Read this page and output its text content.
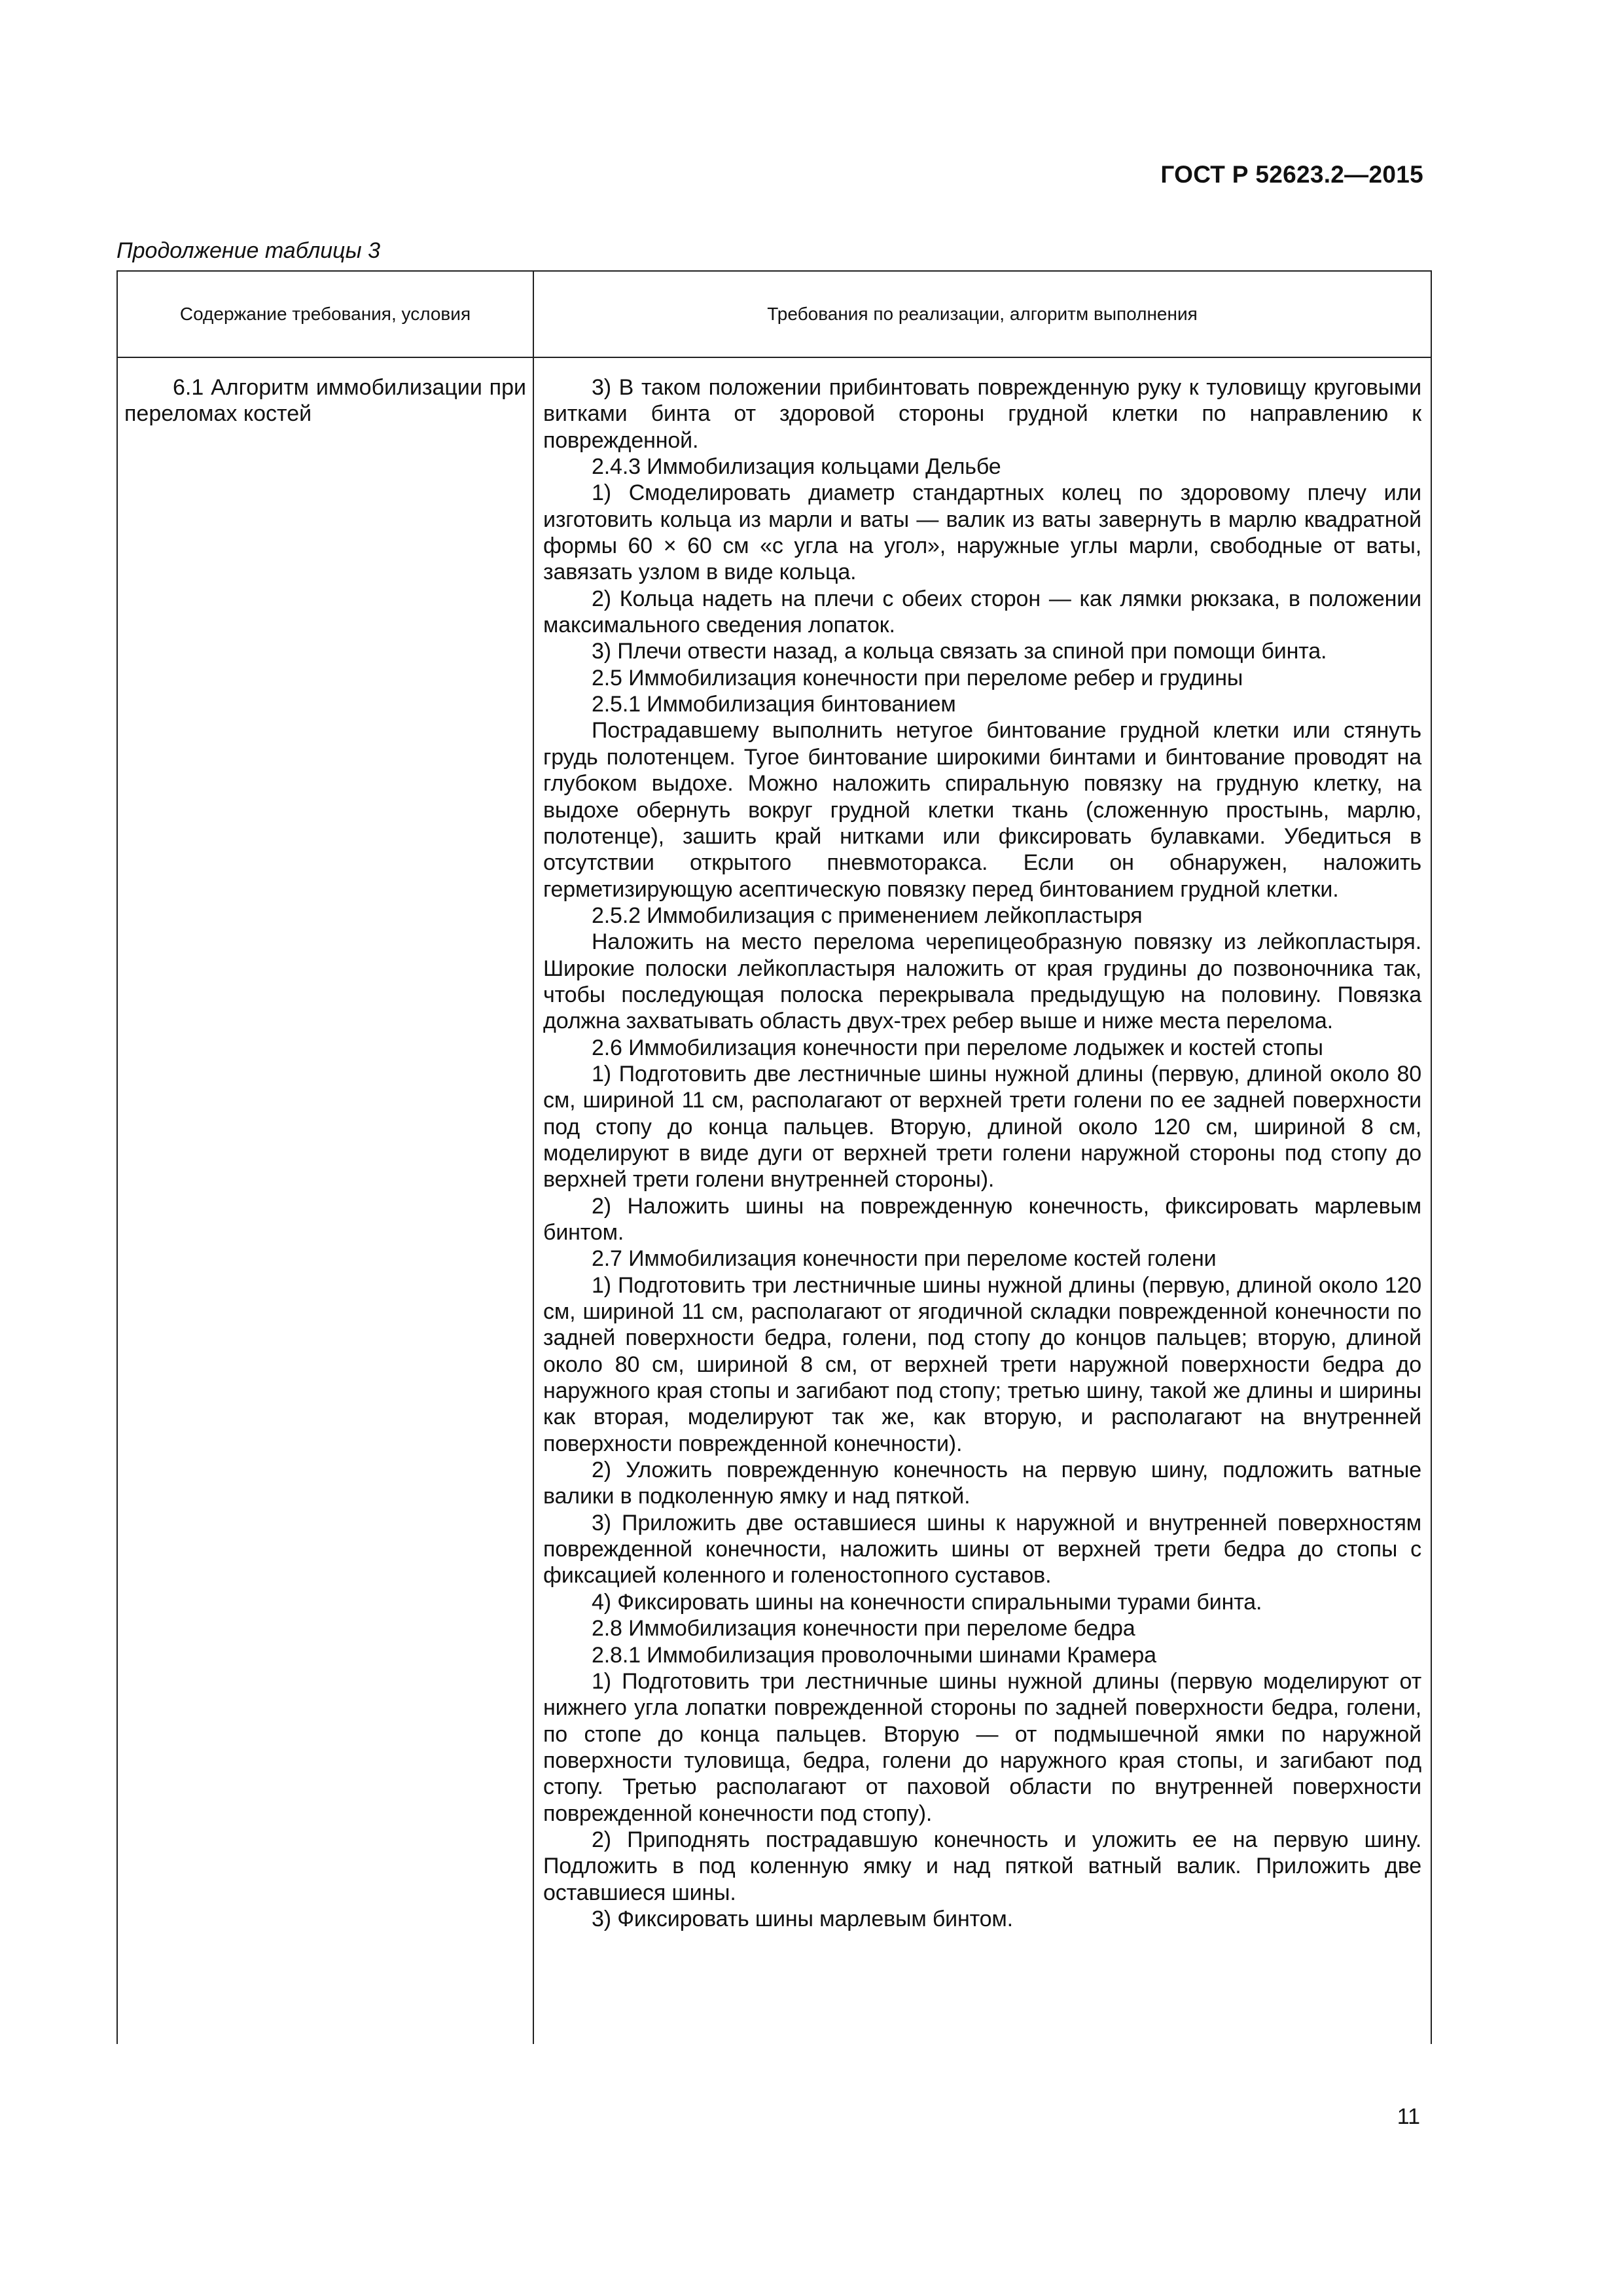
ГОСТ Р 52623.2—2015
Продолжение таблицы 3
Содержание требования, условия	Требования по реализации, алгоритм выполнения
6.1 Алгоритм иммобилизации при переломах костей

3) В таком положении прибинтовать поврежденную руку к туловищу круговыми витками бинта от здоровой стороны грудной клетки по направлению к поврежденной.

2.4.3 Иммобилизация кольцами Дельбе

1) Смоделировать диаметр стандартных колец по здоровому плечу или изготовить кольца из марли и ваты — валик из ваты завернуть в марлю квадратной формы 60 × 60 см «с угла на угол», наружные углы марли, свободные от ваты, завязать узлом в виде кольца.

2) Кольца надеть на плечи с обеих сторон — как лямки рюкзака, в положении максимального сведения лопаток.

3) Плечи отвести назад, а кольца связать за спиной при помощи бинта.

2.5 Иммобилизация конечности при переломе ребер и грудины

2.5.1 Иммобилизация бинтованием

Пострадавшему выполнить нетугое бинтование грудной клетки или стянуть грудь полотенцем. Тугое бинтование широкими бинтами и бинтование проводят на глубоком выдохе. Можно наложить спиральную повязку на грудную клетку, на выдохе обернуть вокруг грудной клетки ткань (сложенную простынь, марлю, полотенце), зашить край нитками или фиксировать булавками. Убедиться в отсутствии открытого пневмоторакса. Если он обнаружен, наложить герметизирующую асептическую повязку перед бинтованием грудной клетки.

2.5.2 Иммобилизация с применением лейкопластыря

Наложить на место перелома черепицеобразную повязку из лейкопластыря. Широкие полоски лейкопластыря наложить от края грудины до позвоночника так, чтобы последующая полоска перекрывала предыдущую на половину. Повязка должна захватывать область двух-трех ребер выше и ниже места перелома.

2.6 Иммобилизация конечности при переломе лодыжек и костей стопы

1) Подготовить две лестничные шины нужной длины (первую, длиной около 80 см, шириной 11 см, располагают от верхней трети голени по ее задней поверхности под стопу до конца пальцев. Вторую, длиной около 120 см, шириной 8 см, моделируют в виде дуги от верхней трети голени наружной стороны под стопу до верхней трети голени внутренней стороны).

2) Наложить шины на поврежденную конечность, фиксировать марлевым бинтом.

2.7 Иммобилизация конечности при переломе костей голени

1) Подготовить три лестничные шины нужной длины (первую, длиной около 120 см, шириной 11 см, располагают от ягодичной складки поврежденной конечности по задней поверхности бедра, голени, под стопу до концов пальцев; вторую, длиной около 80 см, шириной 8 см, от верхней трети наружной поверхности бедра до наружного края стопы и загибают под стопу; третью шину, такой же длины и ширины как вторая, моделируют так же, как вторую, и располагают на внутренней поверхности поврежденной конечности).

2) Уложить поврежденную конечность на первую шину, подложить ватные валики в подколенную ямку и над пяткой.

3) Приложить две оставшиеся шины к наружной и внутренней поверхностям поврежденной конечности, наложить шины от верхней трети бедра до стопы с фиксацией коленного и голеностопного суставов.

4) Фиксировать шины на конечности спиральными турами бинта.

2.8 Иммобилизация конечности при переломе бедра

2.8.1 Иммобилизация проволочными шинами Крамера

1) Подготовить три лестничные шины нужной длины (первую моделируют от нижнего угла лопатки поврежденной стороны по задней поверхности бедра, голени, по стопе до конца пальцев. Вторую — от подмышечной ямки по наружной поверхности туловища, бедра, голени до наружного края стопы, и загибают под стопу. Третью располагают от паховой области по внутренней поверхности поврежденной конечности под стопу).

2) Приподнять пострадавшую конечность и уложить ее на первую шину. Подложить в под коленную ямку и над пяткой ватный валик. Приложить две оставшиеся шины.

3) Фиксировать шины марлевым бинтом.

11
